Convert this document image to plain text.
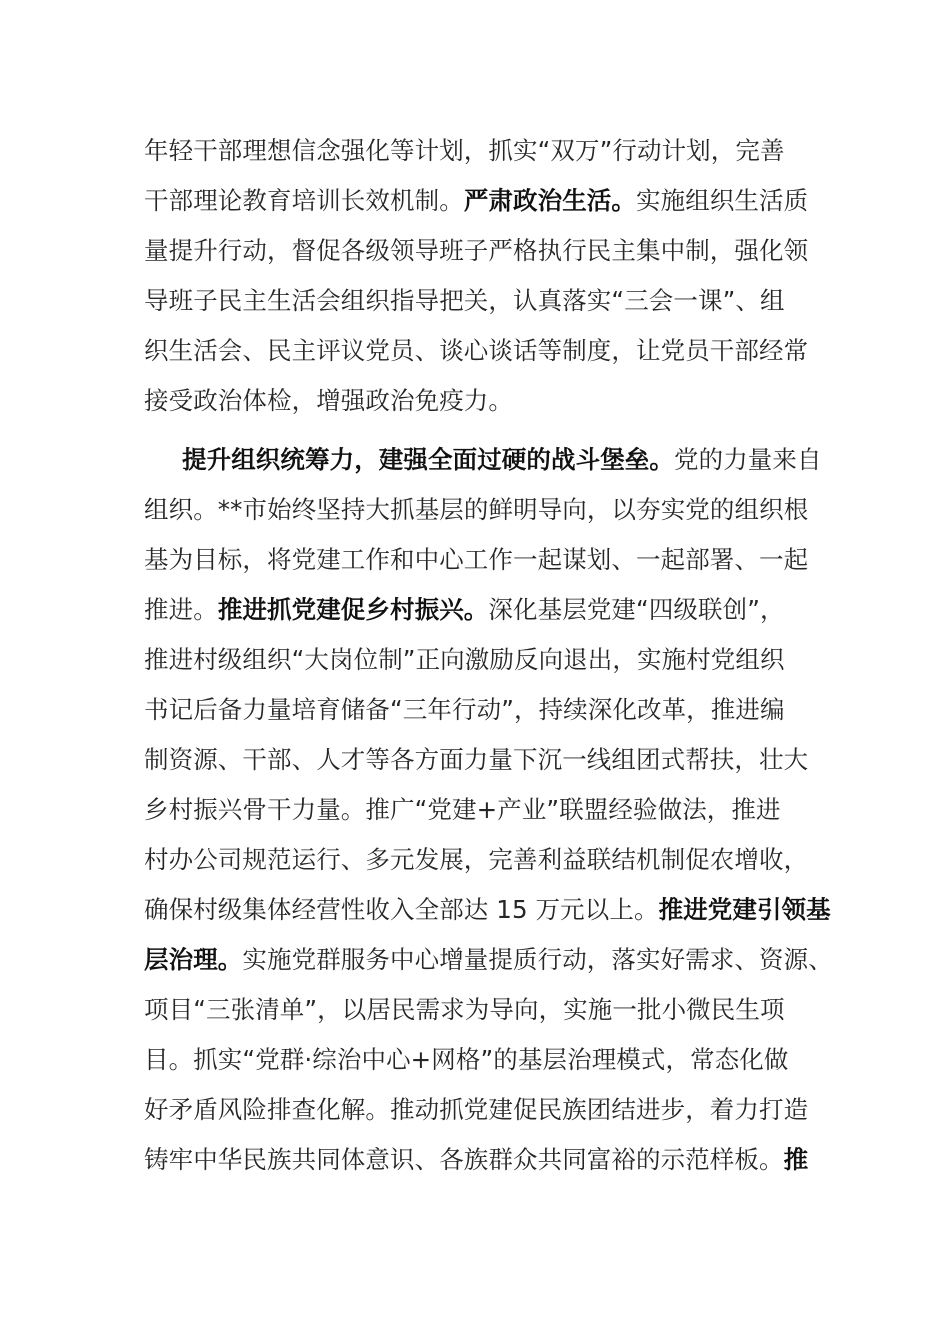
年轻干部理想信念强化等计划，抓实“双万”行动计划，完善
干部理论教育培训长效机制。严肃政治生活。实施组织生活质
量提升行动，督促各级领导班子严格执行民主集中制，强化领
导班子民主生活会组织指导把关，认真落实“三会一课”、组
织生活会、民主评议党员、谈心谈话等制度，让党员干部经常
接受政治体检，增强政治免疫力。
提升组织统筹力，建强全面过硬的战斗堡垒。党的力量来自
组织。**市始终坚持大抓基层的鲜明导向，以夯实党的组织根
基为目标，将党建工作和中心工作一起谋划、一起部署、一起
推进。推进抓党建促乡村振兴。深化基层党建“四级联创”，
推进村级组织“大岗位制”正向激励反向退出，实施村党组织
书记后备力量培育储备“三年行动”，持续深化改革，推进编
制资源、干部、人才等各方面力量下沉一线组团式帮扶，壮大
乡村振兴骨干力量。推广“党建+产业”联盟经验做法，推进
村办公司规范运行、多元发展，完善利益联结机制促农增收，
确保村级集体经营性收入全部达 15 万元以上。推进党建引领基
层治理。实施党群服务中心增量提质行动，落实好需求、资源、
项目“三张清单”，以居民需求为导向，实施一批小微民生项
目。抓实“党群·综治中心+网格”的基层治理模式，常态化做
好矛盾风险排查化解。推动抓党建促民族团结进步，着力打造
铸牢中华民族共同体意识、各族群众共同富裕的示范样板。推
